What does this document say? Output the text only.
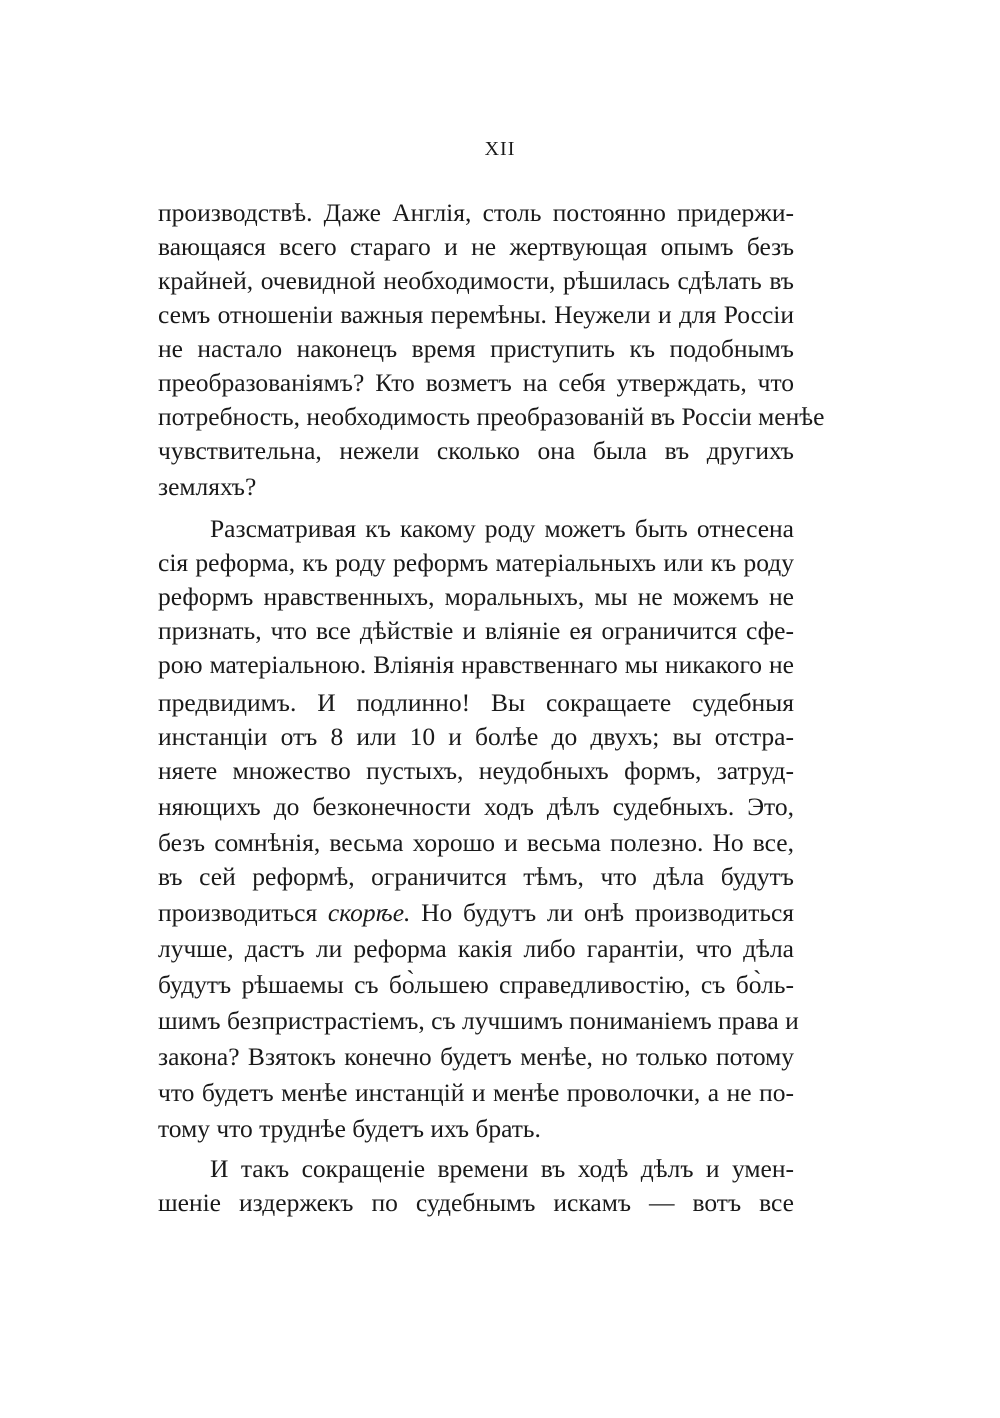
XII
производствѣ. Даже Англія, столь постоянно придержи-
вающаяся всего стараго и не жертвующая опымъ безъ
крайней, очевидной необходимости, рѣшилась сдѣлать въ
семъ отношеніи важныя перемѣны. Неужели и для Россіи
не настало наконецъ время приступить къ подобнымъ
преобразованіямъ? Кто возметъ на себя утверждать, что
потребность, необходимость преобразованій въ Россіи менѣе
чувствительна, нежели сколько она была въ другихъ
земляхъ?
Разсматривая къ какому роду можетъ быть отнесена
сія реформа, къ роду реформъ матеріальныхъ или къ роду
реформъ нравственныхъ, моральныхъ, мы не можемъ не
признать, что все дѣйствіе и вліяніе ея ограничится сфе-
рою матеріальною. Вліянія нравственнаго мы никакого не
предвидимъ. И подлинно! Вы сокращаете судебныя
инстанціи отъ 8 или 10 и болѣе до двухъ; вы отстра-
няете множество пустыхъ, неудобныхъ формъ, затруд-
няющихъ до безконечности ходъ дѣлъ судебныхъ. Это,
безъ сомнѣнія, весьма хорошо и весьма полезно. Но все,
въ сей реформѣ, ограничится тѣмъ, что дѣла будутъ
производиться скорѣе. Но будутъ ли онѣ производиться
лучше, дастъ ли реформа какія либо гарантіи, что дѣла
будутъ рѣшаемы съ бо̀льшею справедливостію, съ бо̀ль-
шимъ безпристрастіемъ, съ лучшимъ пониманіемъ права и
закона? Взятокъ конечно будетъ менѣе, но только потому
что будетъ менѣе инстанцій и менѣе проволочки, а не по-
тому что труднѣе будетъ ихъ брать.
И такъ сокращеніе времени въ ходѣ дѣлъ и умен-
шеніе издержекъ по судебнымъ искамъ — вотъ все
